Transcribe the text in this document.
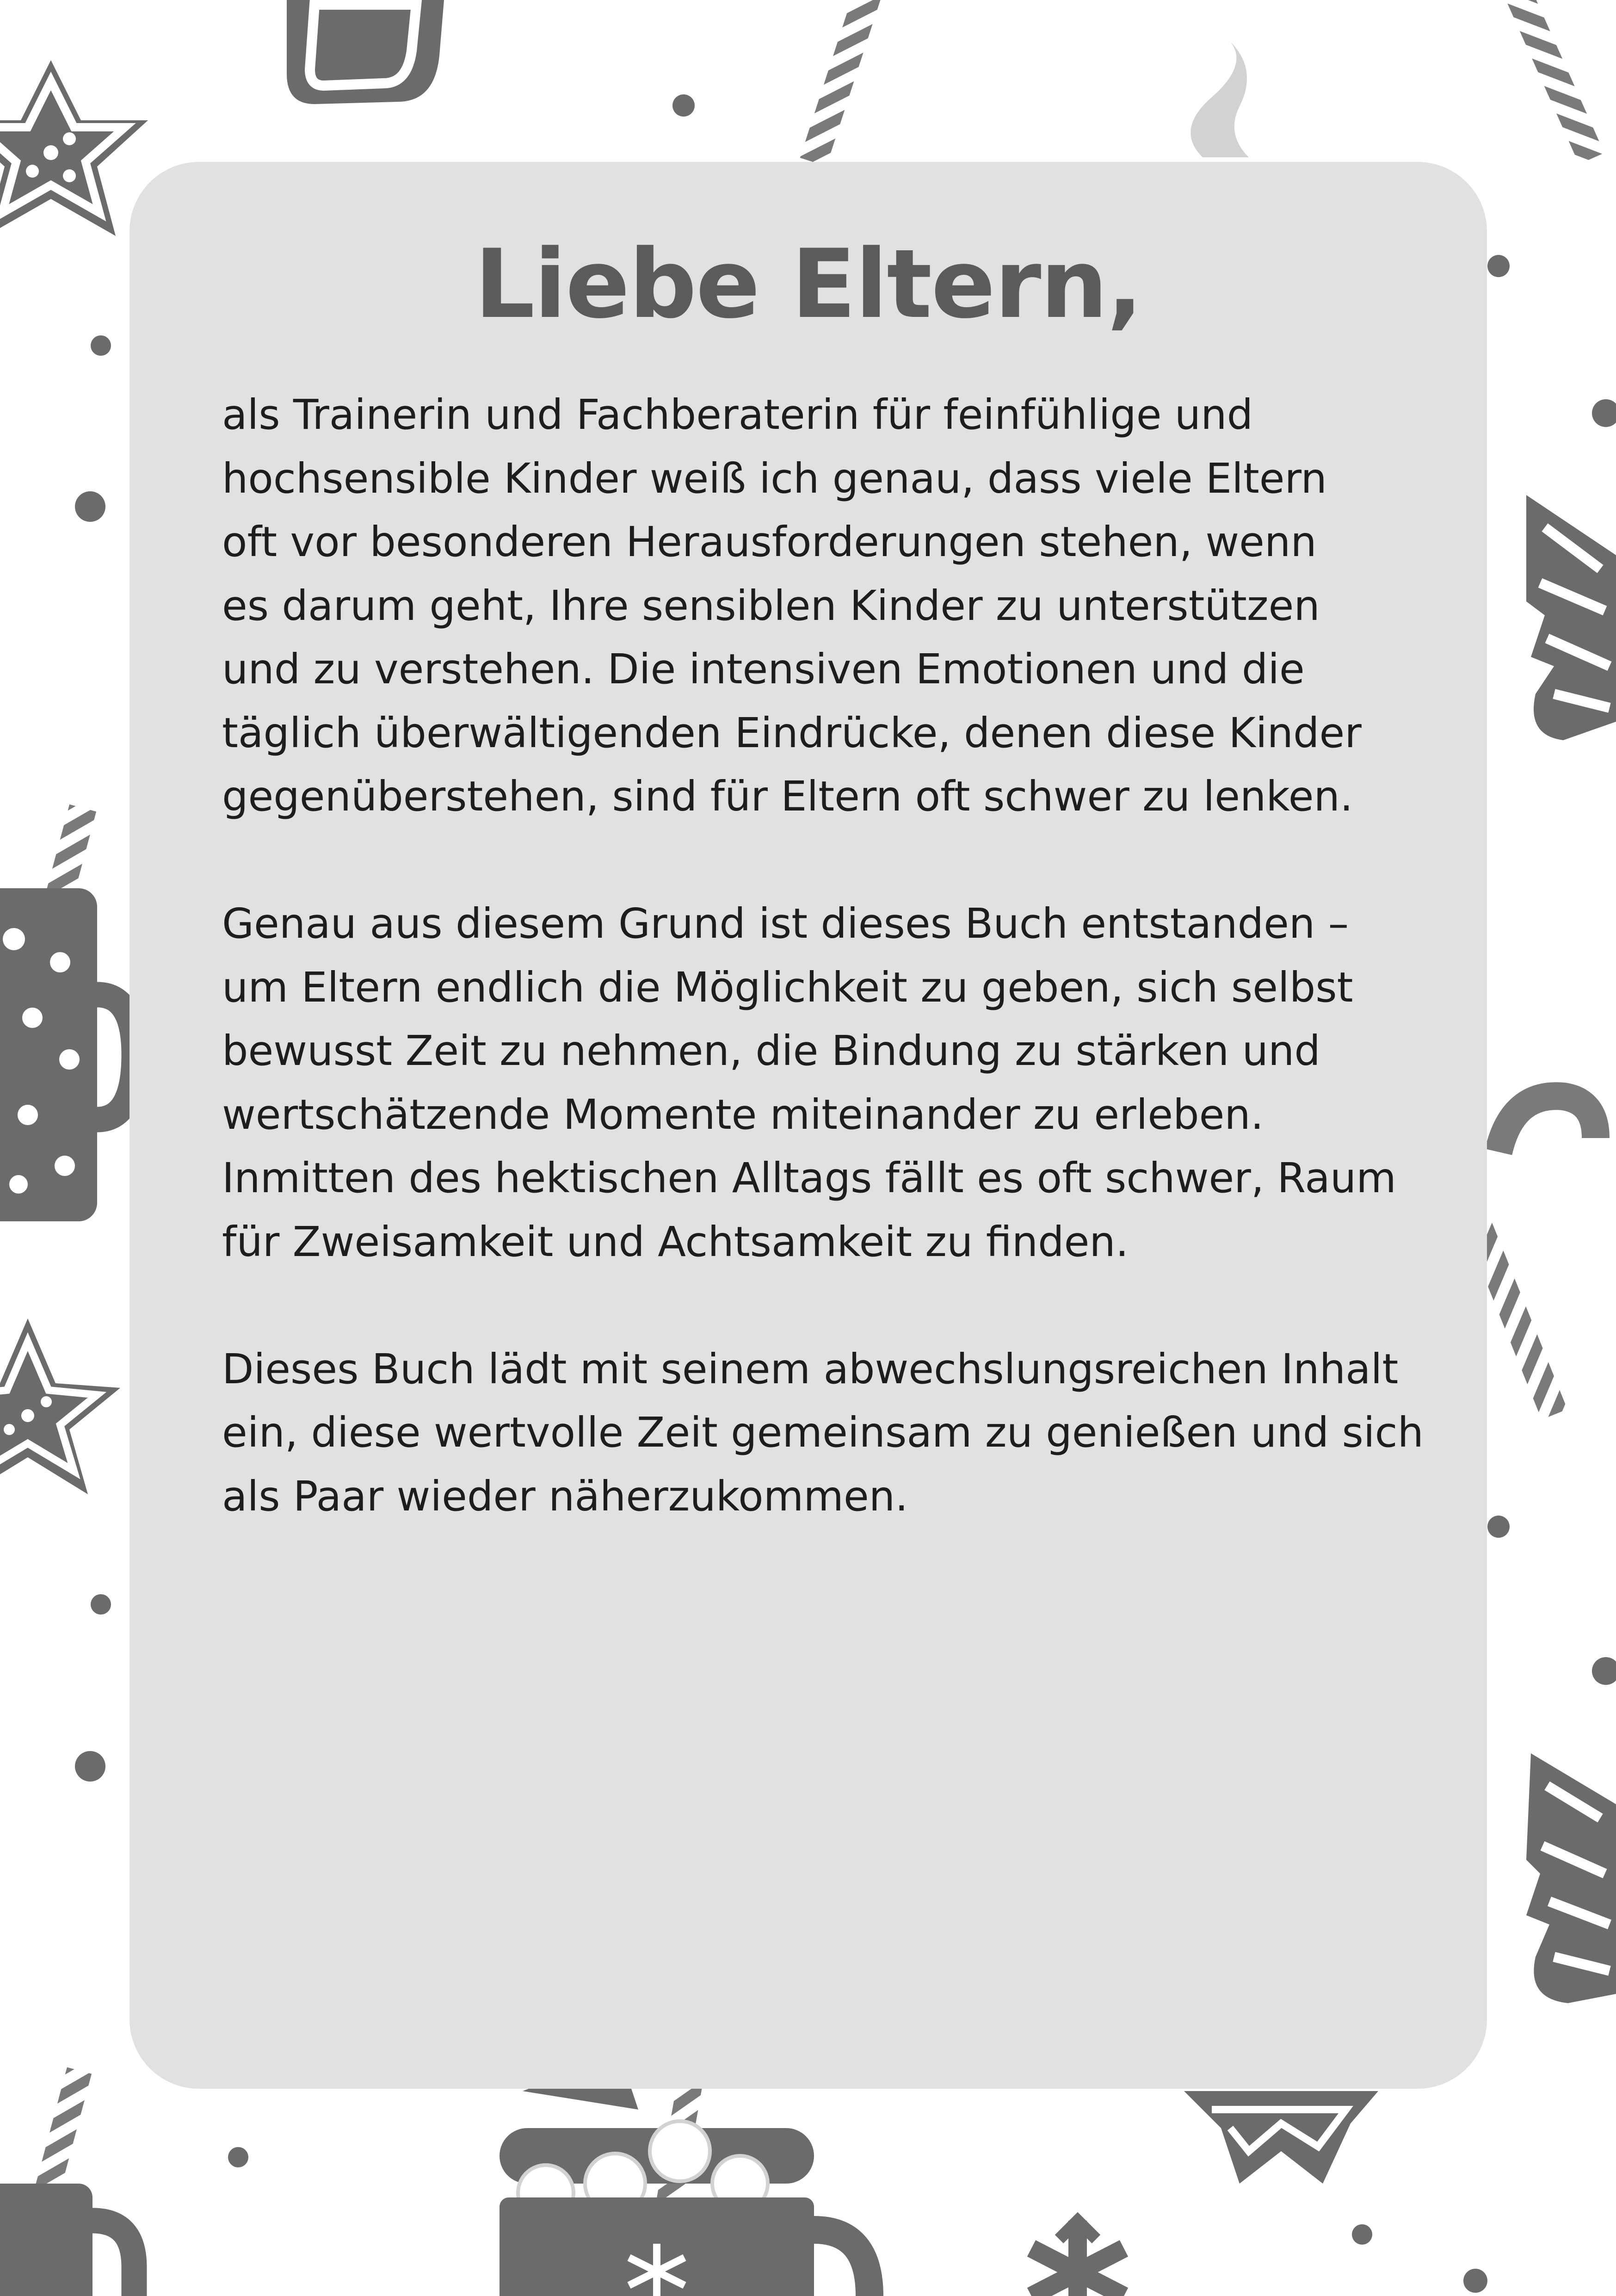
Liebe Eltern,

als Trainerin und Fachberaterin für feinfühlige und
hochsensible Kinder weiß ich genau, dass viele Eltern
oft vor besonderen Herausforderungen stehen, wenn
es darum geht, Ihre sensiblen Kinder zu unterstützen
und zu verstehen. Die intensiven Emotionen und die
täglich überwältigenden Eindrücke, denen diese Kinder
gegenüberstehen, sind für Eltern oft schwer zu lenken.

Genau aus diesem Grund ist dieses Buch entstanden –
um Eltern endlich die Möglichkeit zu geben, sich selbst
bewusst Zeit zu nehmen, die Bindung zu stärken und
wertschätzende Momente miteinander zu erleben.
Inmitten des hektischen Alltags fällt es oft schwer, Raum
für Zweisamkeit und Achtsamkeit zu finden.

Dieses Buch lädt mit seinem abwechslungsreichen Inhalt
ein, diese wertvolle Zeit gemeinsam zu genießen und sich
als Paar wieder näherzukommen.
